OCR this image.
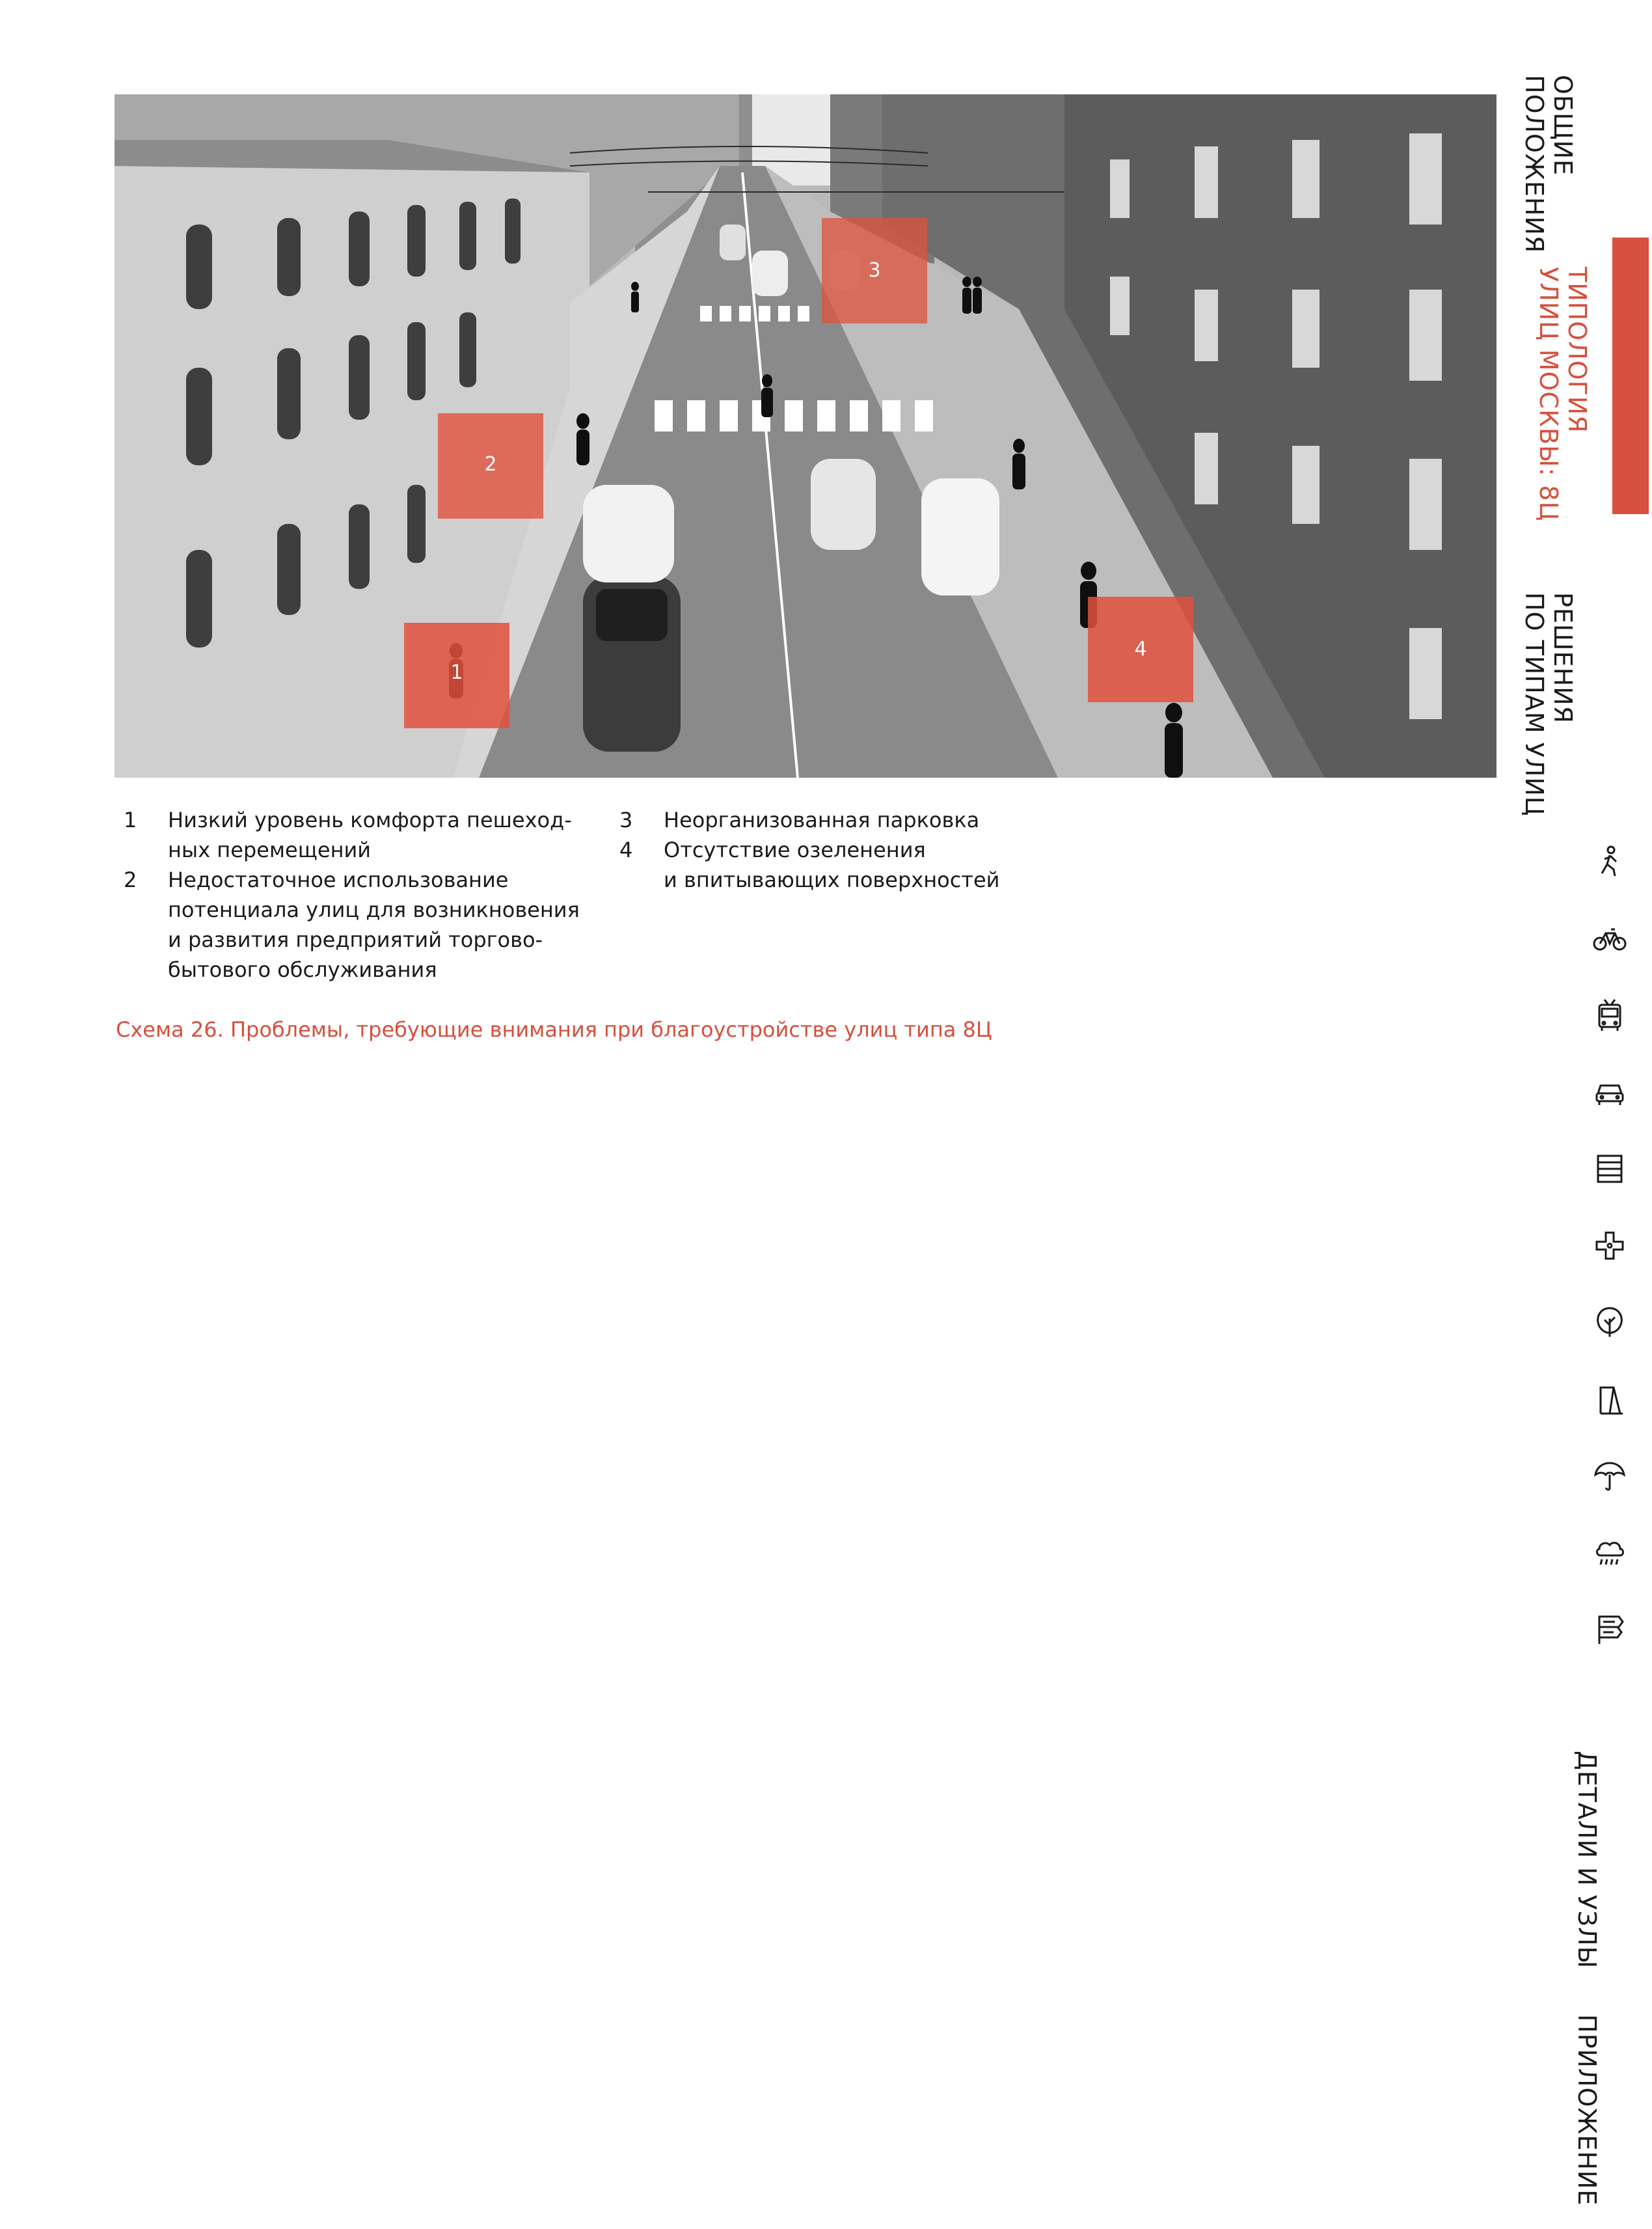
1
2
3
4
1 Низкий уровень комфорта пешеход-
ных перемещений
2 Недостаточное использование
потенциала улиц для возникновения
и развития предприятий торгово-
бытового обслуживания
3 Неорганизованная парковка
4 Отсутствие озеленения
и впитывающих поверхностей
Схема 26. Проблемы, требующие внимания при благоустройстве улиц типа 8Ц
ОБЩИЕ
ПОЛОЖЕНИЯ
ТИПОЛОГИЯ
УЛИЦ МОСКВЫ: 8Ц
РЕШЕНИЯ
ПО ТИПАМ УЛИЦ
ДЕТАЛИ И УЗЛЫ
ПРИЛОЖЕНИЕ
